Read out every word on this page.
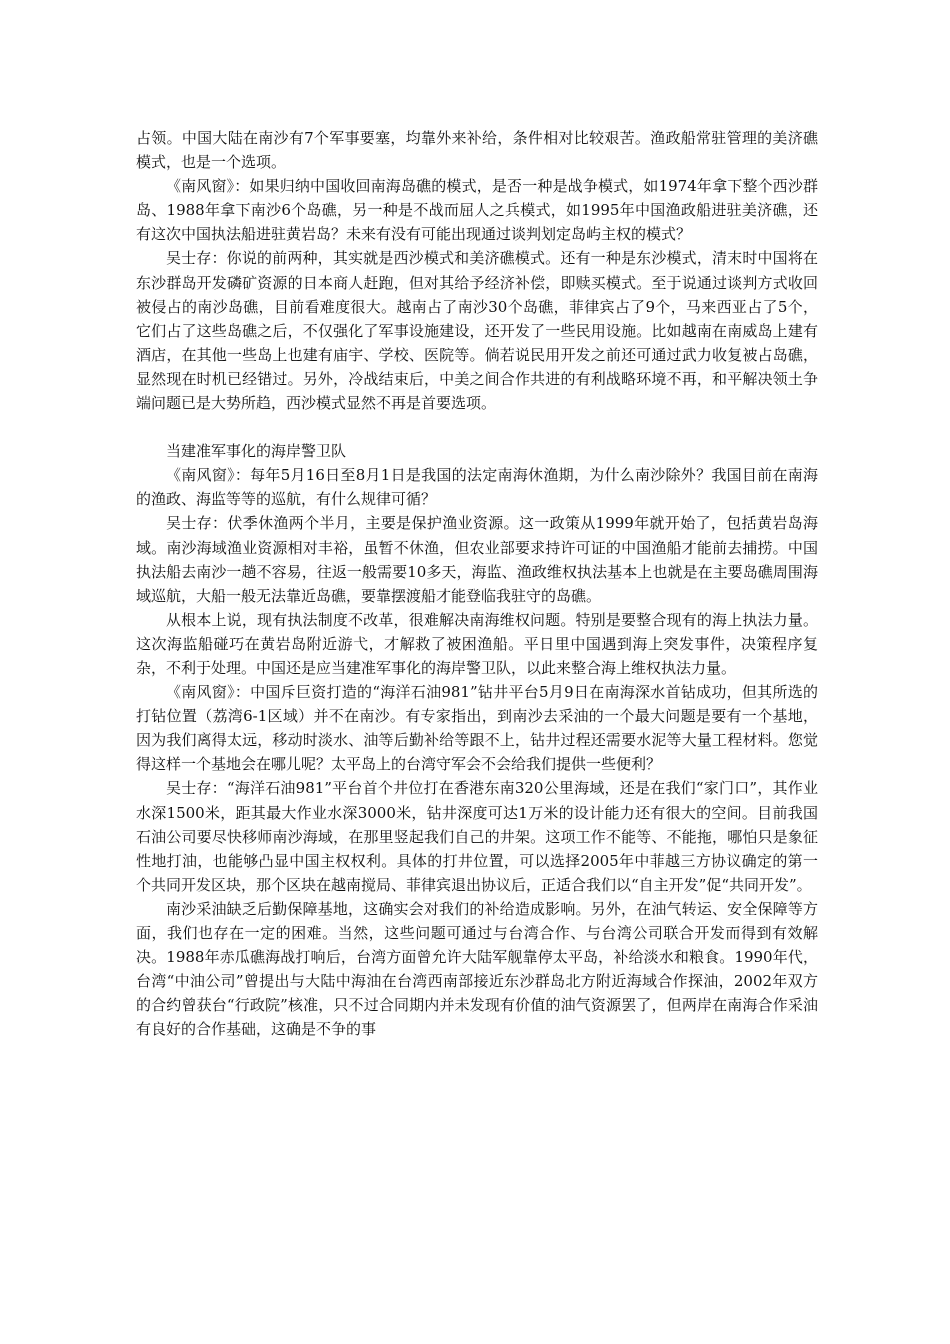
占领。中国大陆在南沙有7个军事要塞，均靠外来补给，条件相对比较艰苦。渔政船常驻管理的美济礁模式，也是一个选项。

《南风窗》：如果归纳中国收回南海岛礁的模式，是否一种是战争模式，如1974年拿下整个西沙群岛、1988年拿下南沙6个岛礁，另一种是不战而屈人之兵模式，如1995年中国渔政船进驻美济礁，还有这次中国执法船进驻黄岩岛？未来有没有可能出现通过谈判划定岛屿主权的模式？

吴士存：你说的前两种，其实就是西沙模式和美济礁模式。还有一种是东沙模式，清末时中国将在东沙群岛开发磷矿资源的日本商人赶跑，但对其给予经济补偿，即赎买模式。至于说通过谈判方式收回被侵占的南沙岛礁，目前看难度很大。越南占了南沙30个岛礁，菲律宾占了9个，马来西亚占了5个，它们占了这些岛礁之后，不仅强化了军事设施建设，还开发了一些民用设施。比如越南在南威岛上建有酒店，在其他一些岛上也建有庙宇、学校、医院等。倘若说民用开发之前还可通过武力收复被占岛礁，显然现在时机已经错过。另外，冷战结束后，中美之间合作共进的有利战略环境不再，和平解决领土争端问题已是大势所趋，西沙模式显然不再是首要选项。

当建准军事化的海岸警卫队

《南风窗》：每年5月16日至8月1日是我国的法定南海休渔期，为什么南沙除外？我国目前在南海的渔政、海监等等的巡航，有什么规律可循？

吴士存：伏季休渔两个半月，主要是保护渔业资源。这一政策从1999年就开始了，包括黄岩岛海域。南沙海域渔业资源相对丰裕，虽暂不休渔，但农业部要求持许可证的中国渔船才能前去捕捞。中国执法船去南沙一趟不容易，往返一般需要10多天，海监、渔政维权执法基本上也就是在主要岛礁周围海域巡航，大船一般无法靠近岛礁，要靠摆渡船才能登临我驻守的岛礁。

从根本上说，现有执法制度不改革，很难解决南海维权问题。特别是要整合现有的海上执法力量。这次海监船碰巧在黄岩岛附近游弋，才解救了被困渔船。平日里中国遇到海上突发事件，决策程序复杂，不利于处理。中国还是应当建准军事化的海岸警卫队，以此来整合海上维权执法力量。

《南风窗》：中国斥巨资打造的“海洋石油981”钻井平台5月9日在南海深水首钻成功，但其所选的打钻位置（荔湾6-1区域）并不在南沙。有专家指出，到南沙去采油的一个最大问题是要有一个基地，因为我们离得太远，移动时淡水、油等后勤补给等跟不上，钻井过程还需要水泥等大量工程材料。您觉得这样一个基地会在哪儿呢？太平岛上的台湾守军会不会给我们提供一些便利？

吴士存：“海洋石油981”平台首个井位打在香港东南320公里海域，还是在我们“家门口”，其作业水深1500米，距其最大作业水深3000米，钻井深度可达1万米的设计能力还有很大的空间。目前我国石油公司要尽快移师南沙海域，在那里竖起我们自己的井架。这项工作不能等、不能拖，哪怕只是象征性地打油，也能够凸显中国主权权利。具体的打井位置，可以选择2005年中菲越三方协议确定的第一个共同开发区块，那个区块在越南搅局、菲律宾退出协议后，正适合我们以“自主开发”促“共同开发”。

南沙采油缺乏后勤保障基地，这确实会对我们的补给造成影响。另外，在油气转运、安全保障等方面，我们也存在一定的困难。当然，这些问题可通过与台湾合作、与台湾公司联合开发而得到有效解决。1988年赤瓜礁海战打响后，台湾方面曾允许大陆军舰靠停太平岛，补给淡水和粮食。1990年代，台湾“中油公司”曾提出与大陆中海油在台湾西南部接近东沙群岛北方附近海域合作探油，2002年双方的合约曾获台“行政院”核准，只不过合同期内并未发现有价值的油气资源罢了，但两岸在南海合作采油有良好的合作基础，这确是不争的事
